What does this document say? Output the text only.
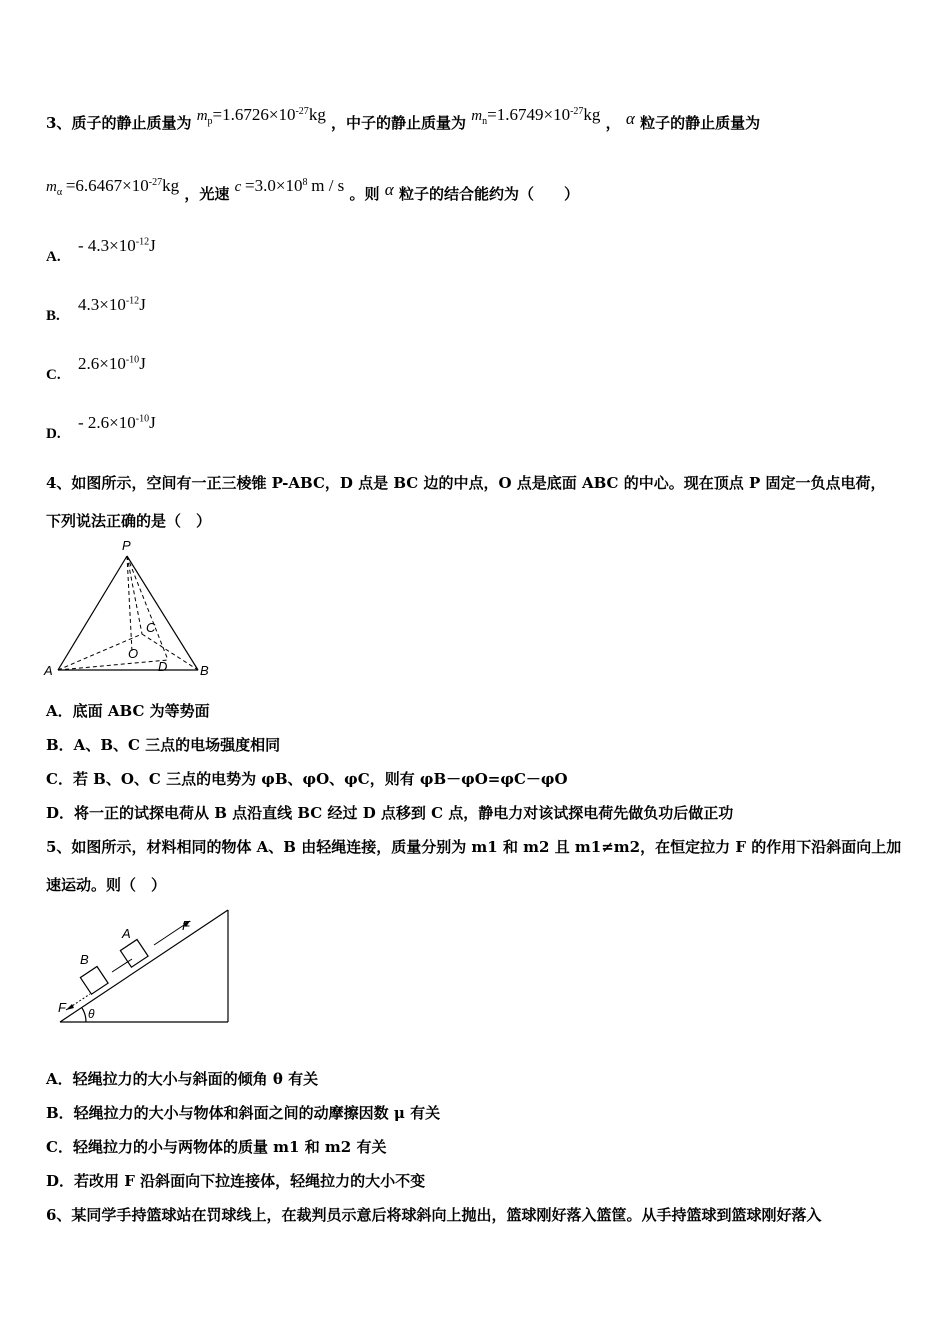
3、质子的静止质量为 $m_p=1.6726\times 10^{-27}kg$ ，中子的静止质量为 $m_n=1.6749\times 10^{-27}kg$ ， α 粒子的静止质量为
$m_\alpha =6.6467\times 10^{-27}kg$ ，光速 $c =3.0\times 10^8$ m / s 。则 α 粒子的结合能约为（　　）
A.
- $4.3\times 10^{-12}J$
B.
$4.3\times 10^{-12}J$
C.
$2.6\times 10^{-10}J$
D.
- $2.6\times 10^{-10}J$
4、如图所示，空间有一正三棱锥 P-ABC，D 点是 BC 边的中点，O 点是底面 ABC 的中心。现在顶点 P 固定一负点电荷，
下列说法正确的是（　）
P
A	B
C
O
D
A．底面 ABC 为等势面
B．A、B、C 三点的电场强度相同
C．若 B、O、C 三点的电势为 φB、φO、φC，则有 φB－φO=φC－φO
D．将一正的试探电荷从 B 点沿直线 BC 经过 D 点移到 C 点，静电力对该试探电荷先做负功后做正功
5、如图所示，材料相同的物体 A、B 由轻绳连接，质量分别为 m1 和 m2 且 m1≠m2，在恒定拉力 F 的作用下沿斜面向上加
速运动。则（　）
B
A
F
F θ
A．轻绳拉力的大小与斜面的倾角 θ 有关
B．轻绳拉力的大小与物体和斜面之间的动摩擦因数 μ 有关
C．轻绳拉力的小与两物体的质量 m1 和 m2 有关
D．若改用 F 沿斜面向下拉连接体，轻绳拉力的大小不变
6、某同学手持篮球站在罚球线上，在裁判员示意后将球斜向上抛出，篮球刚好落入篮筐。从手持篮球到篮球刚好落入
